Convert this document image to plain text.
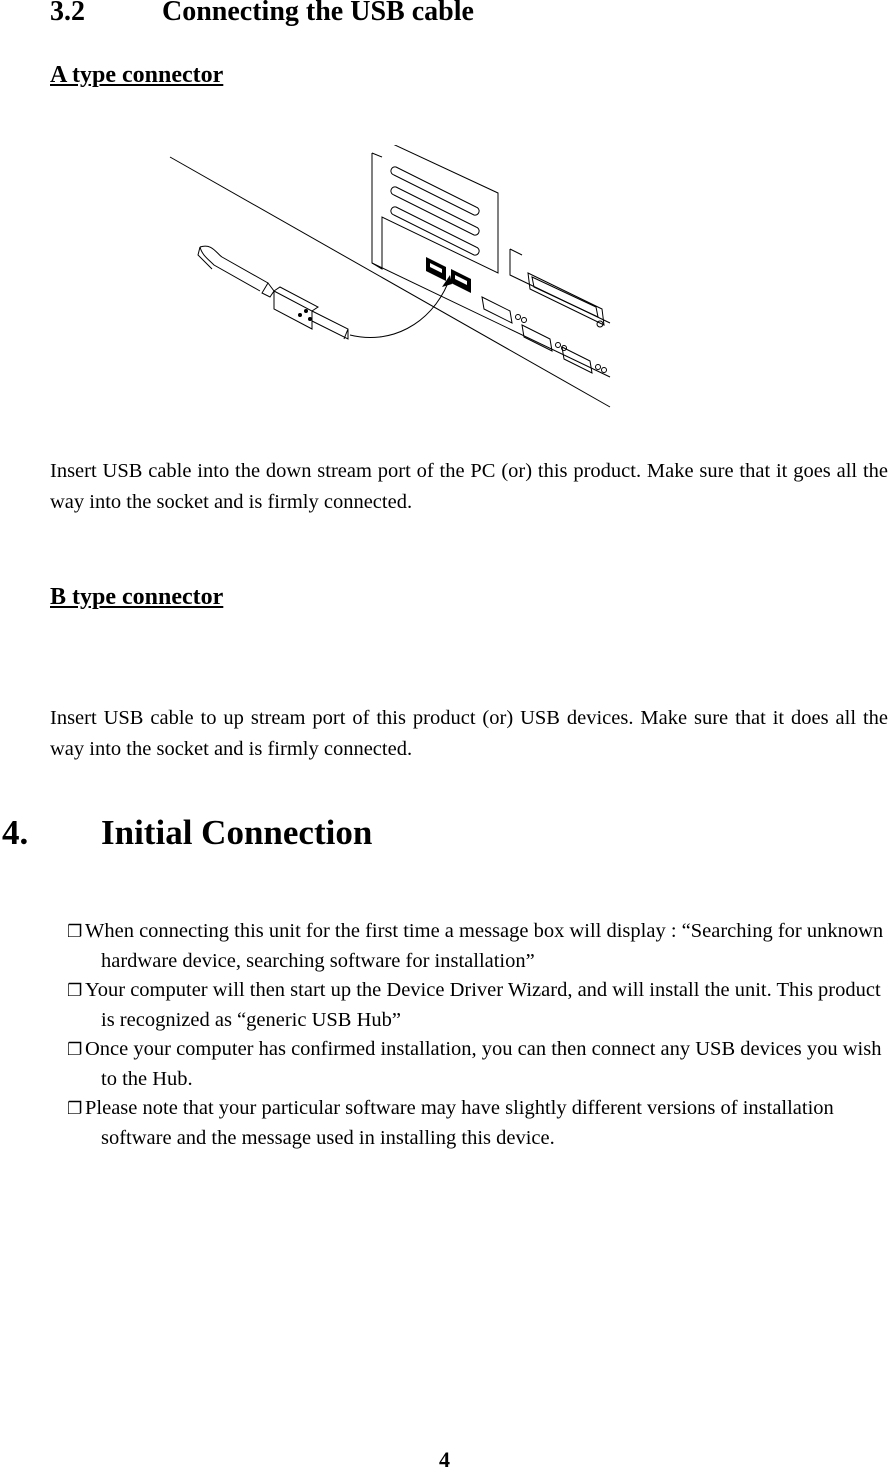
3.2	Connecting the USB cable
A type connector
Insert USB cable into the down stream port of the PC (or) this product. Make sure that it goes all the way into the socket and is firmly connected.
B type connector
Insert USB cable to up stream port of this product (or) USB devices. Make sure that it does all the way into the socket and is firmly connected.
4. Initial Connection
❐ When connecting this unit for the first time a message box will display : “Searching for unknown hardware device, searching software for installation”
❐ Your computer will then start up the Device Driver Wizard, and will install the unit. This product is recognized as “generic USB Hub”
❐ Once your computer has confirmed installation, you can then connect any USB devices you wish to the Hub.
❐ Please note that your particular software may have slightly different versions of installation software and the message used in installing this device.
4
